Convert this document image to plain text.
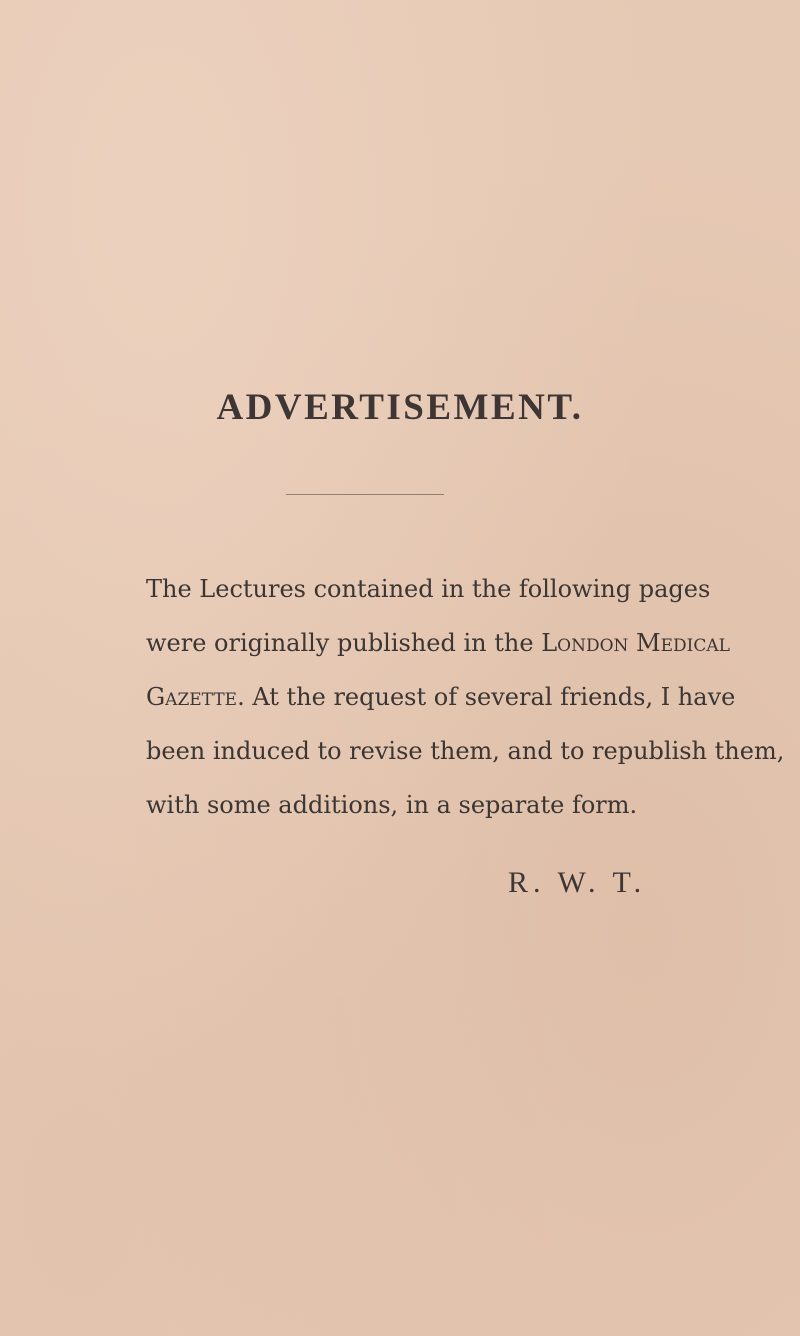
ADVERTISEMENT.
The Lectures contained in the following pages
were originally published in the London Medical
Gazette. At the request of several friends, I have
been induced to revise them, and to republish them,
with some additions, in a separate form.
R. W. T.
